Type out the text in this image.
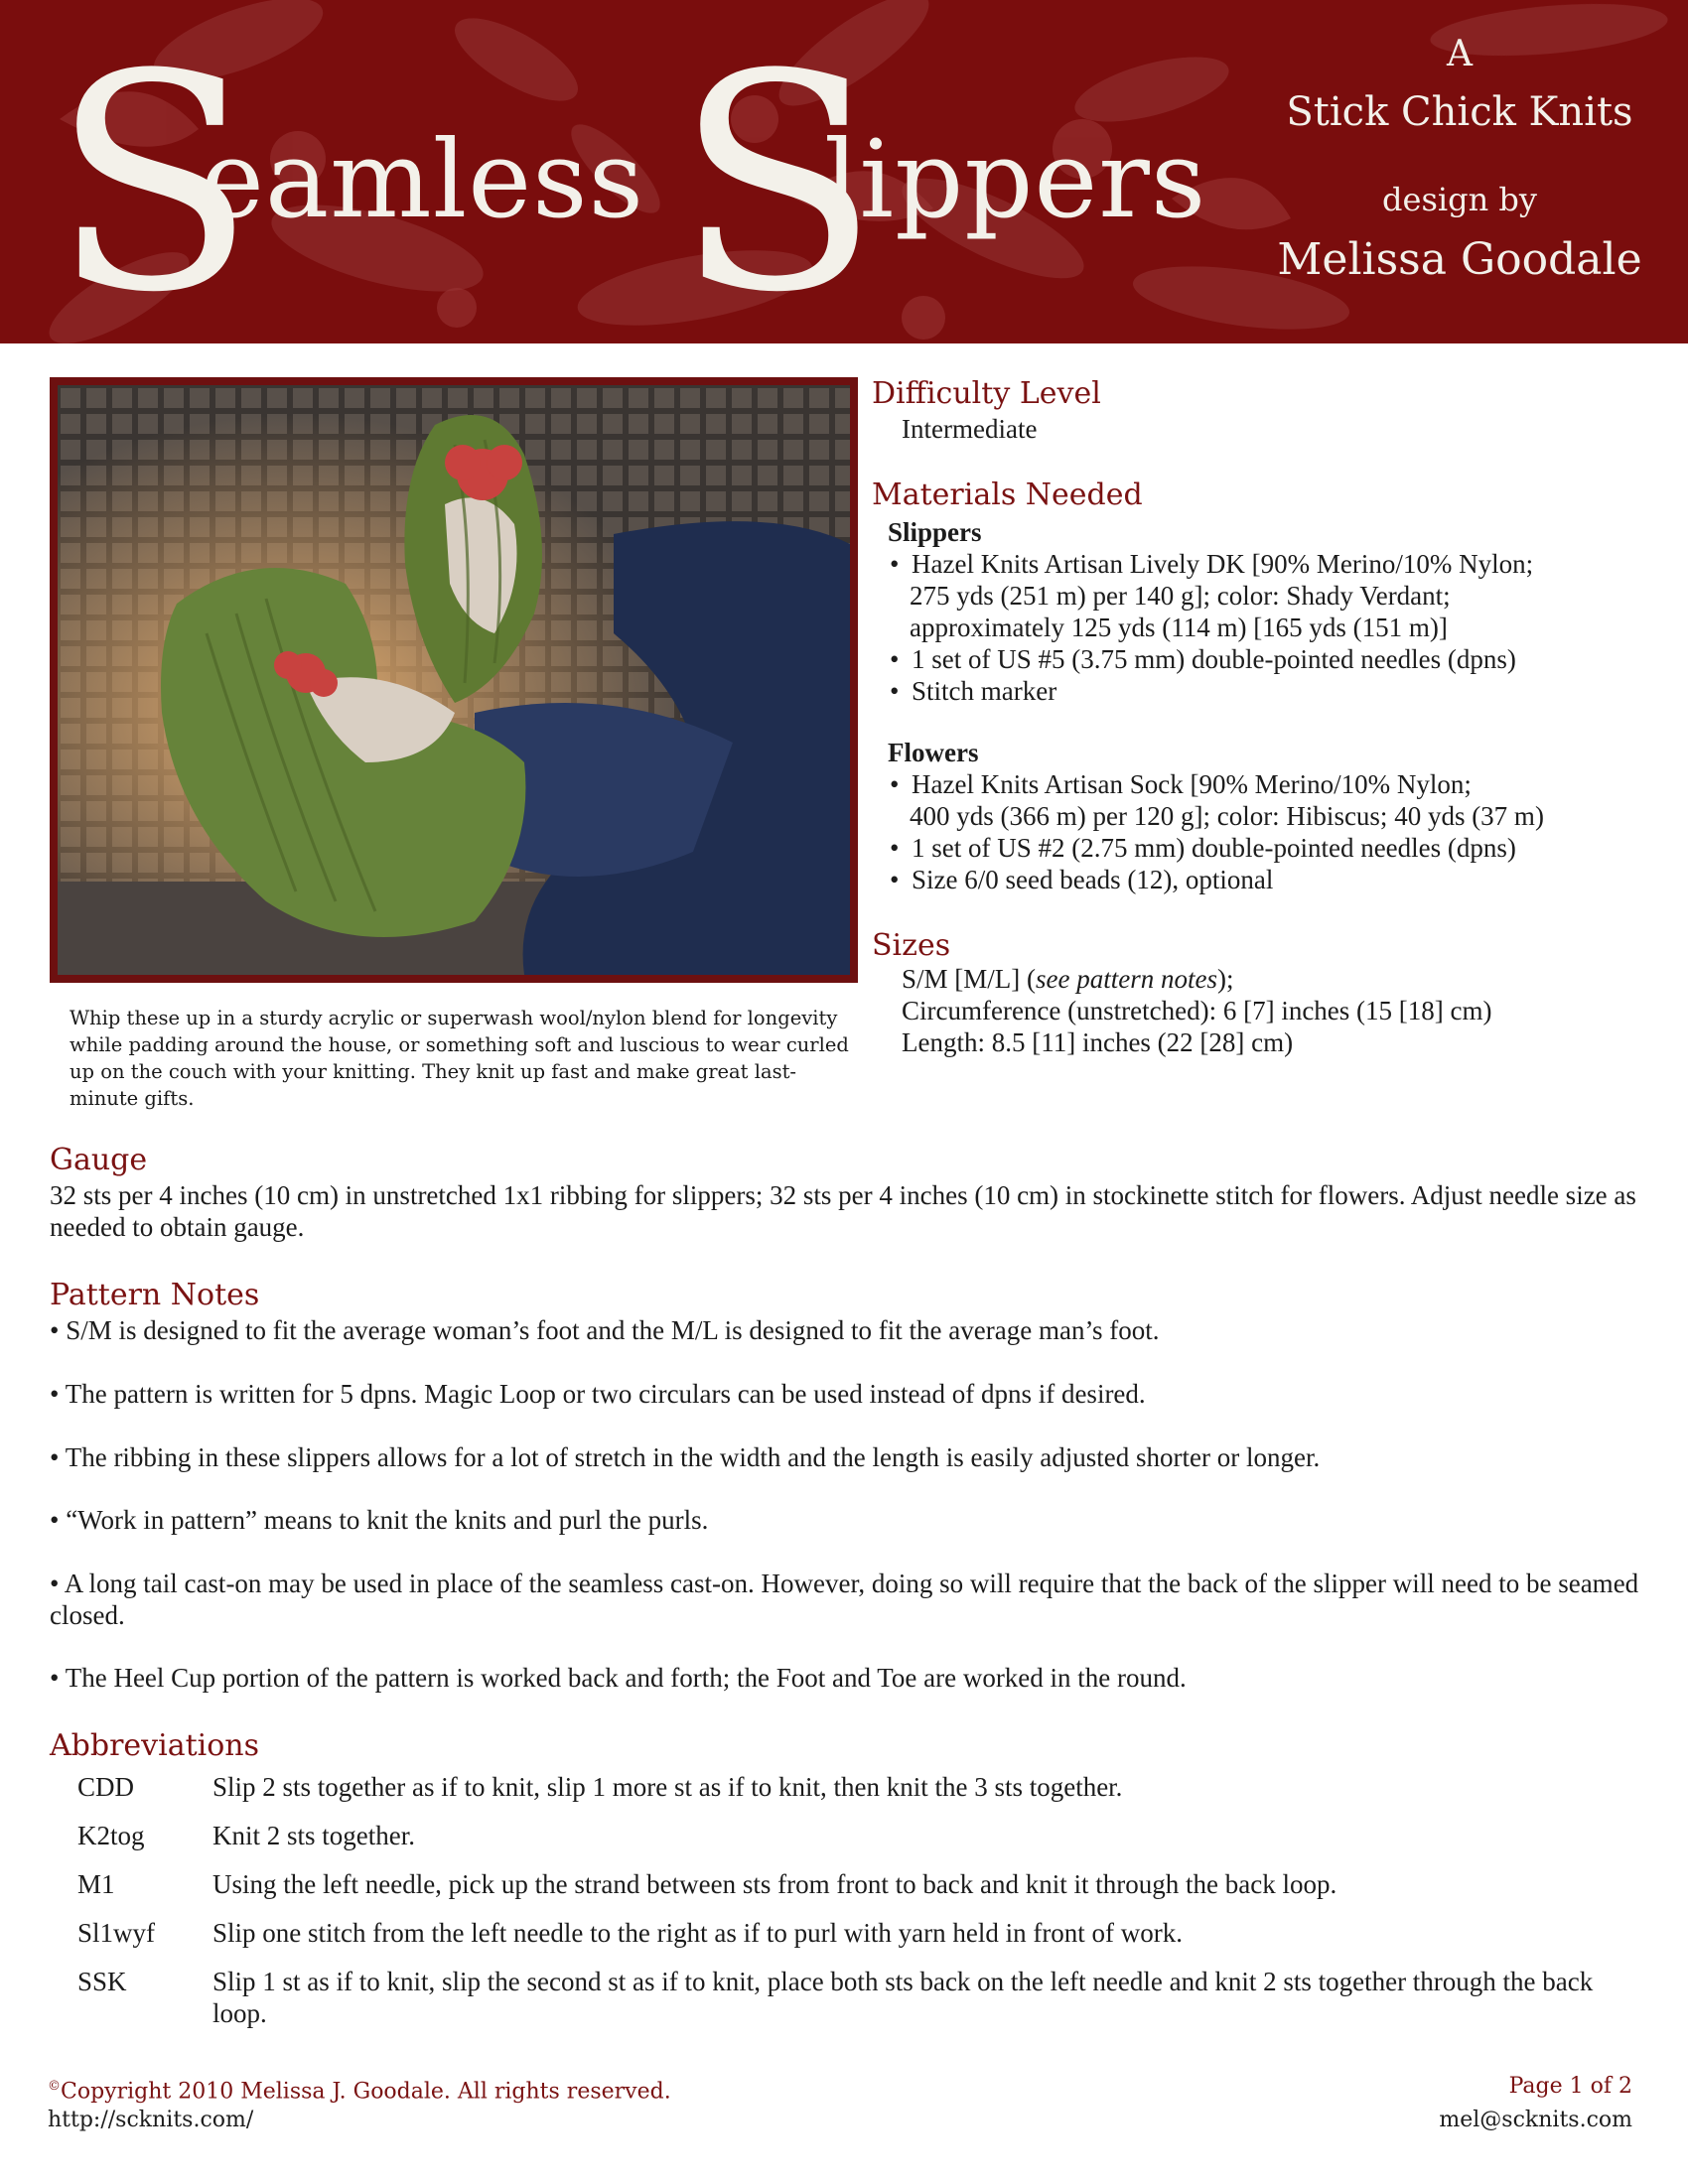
S
eamless S
lippers
A
Stick Chick Knits
design by
Melissa Goodale
Whip these up in a sturdy acrylic or superwash wool/nylon blend for longevity while padding around the house, or something soft and luscious to wear curled up on the couch with your knitting. They knit up fast and make great last-minute gifts.
Difficulty Level
Intermediate
Materials Needed
Slippers
• Hazel Knits Artisan Lively DK [90% Merino/10% Nylon;
275 yds (251 m) per 140 g]; color: Shady Verdant;
approximately 125 yds (114 m) [165 yds (151 m)]
• 1 set of US #5 (3.75 mm) double-pointed needles (dpns)
• Stitch marker
Flowers
• Hazel Knits Artisan Sock [90% Merino/10% Nylon;
400 yds (366 m) per 120 g]; color: Hibiscus; 40 yds (37 m)
• 1 set of US #2 (2.75 mm) double-pointed needles (dpns)
• Size 6/0 seed beads (12), optional
Sizes
S/M [M/L] (see pattern notes);
Circumference (unstretched): 6 [7] inches (15 [18] cm)
Length: 8.5 [11] inches (22 [28] cm)
Gauge
32 sts per 4 inches (10 cm) in unstretched 1x1 ribbing for slippers; 32 sts per 4 inches (10 cm) in stockinette stitch for flowers. Adjust needle size as needed to obtain gauge.
Pattern Notes
• S/M is designed to fit the average woman’s foot and the M/L is designed to fit the average man’s foot.
• The pattern is written for 5 dpns. Magic Loop or two circulars can be used instead of dpns if desired.
• The ribbing in these slippers allows for a lot of stretch in the width and the length is easily adjusted shorter or longer.
• “Work in pattern” means to knit the knits and purl the purls.
• A long tail cast-on may be used in place of the seamless cast-on. However, doing so will require that the back of the slipper will need to be seamed closed.
• The Heel Cup portion of the pattern is worked back and forth; the Foot and Toe are worked in the round.
Abbreviations
CDD	Slip 2 sts together as if to knit, slip 1 more st as if to knit, then knit the 3 sts together.
K2tog	Knit 2 sts together.
M1	Using the left needle, pick up the strand between sts from front to back and knit it through the back loop.
Sl1wyf Slip one stitch from the left needle to the right as if to purl with yarn held in front of work.
SSK	Slip 1 st as if to knit, slip the second st as if to knit, place both sts back on the left needle and knit 2 sts together through the back loop.
©Copyright 2010 Melissa J. Goodale. All rights reserved.
http://scknits.com/
Page 1 of 2
mel@scknits.com
